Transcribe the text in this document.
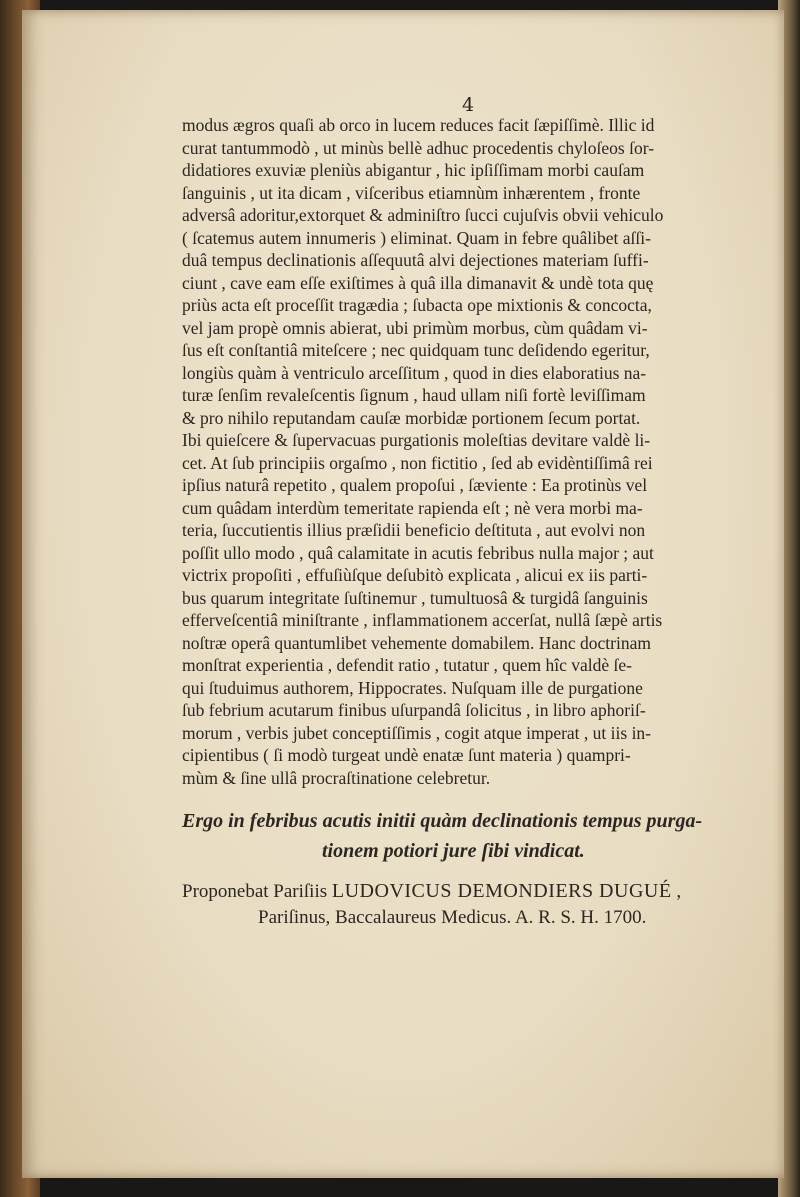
4
modus ægros quaſi ab orco in lucem reduces facit ſæpiſſimè. Illic id
curat tantummodò , ut minùs bellè adhuc procedentis chyloſeos ſor-
didatiores exuviæ pleniùs abigantur , hic ipſiſſimam morbi cauſam
ſanguinis , ut ita dicam , viſceribus etiamnùm inhærentem , fronte
adversâ adoritur,extorquet & adminiſtro ſucci cujuſvis obvii vehiculo
( ſcatemus autem innumeris ) eliminat. Quam in febre quâlibet aſſi-
duâ tempus declinationis aſſequutâ alvi dejectiones materiam ſuffi-
ciunt , cave eam eſſe exiſtimes à quâ illa dimanavit & undè tota quę
priùs acta eſt proceſſit tragædia ; ſubacta ope mixtionis & concocta,
vel jam propè omnis abierat, ubi primùm morbus, cùm quâdam vi-
ſus eſt conſtantiâ miteſcere ; nec quidquam tunc deſidendo egeritur,
longiùs quàm à ventriculo arceſſitum , quod in dies elaboratius na-
turæ ſenſim revaleſcentis ſignum , haud ullam niſi fortè leviſſimam
& pro nihilo reputandam cauſæ morbidæ portionem ſecum portat.
Ibi quieſcere & ſupervacuas purgationis moleſtias devitare valdè li-
cet. At ſub principiis orgaſmo , non fictitio , ſed ab evidèntiſſimâ rei
ipſius naturâ repetito , qualem propoſui , ſæviente : Ea protinùs vel
cum quâdam interdùm temeritate rapienda eſt ; nè vera morbi ma-
teria, ſuccutientis illius præſidii beneficio deſtituta , aut evolvi non
poſſit ullo modo , quâ calamitate in acutis febribus nulla major ; aut
victrix propoſiti , effuſiùſque deſubitò explicata , alicui ex iis parti-
bus quarum integritate ſuſtinemur , tumultuosâ & turgidâ ſanguinis
efferveſcentiâ miniſtrante , inflammationem accerſat, nullâ ſæpè artis
noſtræ operâ quantumlibet vehemente domabilem. Hanc doctrinam
monſtrat experientia , defendit ratio , tutatur , quem hîc valdè ſe-
qui ſtuduimus authorem, Hippocrates. Nuſquam ille de purgatione
ſub febrium acutarum finibus uſurpandâ ſolicitus , in libro aphoriſ-
morum , verbis jubet conceptiſſimis , cogit atque imperat , ut iis in-
cipientibus ( ſi modò turgeat undè enatæ ſunt materia ) quampri-
mùm & ſine ullâ procraſtinatione celebretur.
Ergo in febribus acutis initii quàm declinationis tempus purga-
tionem potiori jure ſibi vindicat.
Proponebat Pariſiis LUDOVICUS DEMONDIERS DUGUÉ ,
Pariſinus, Baccalaureus Medicus. A. R. S. H. 1700.
